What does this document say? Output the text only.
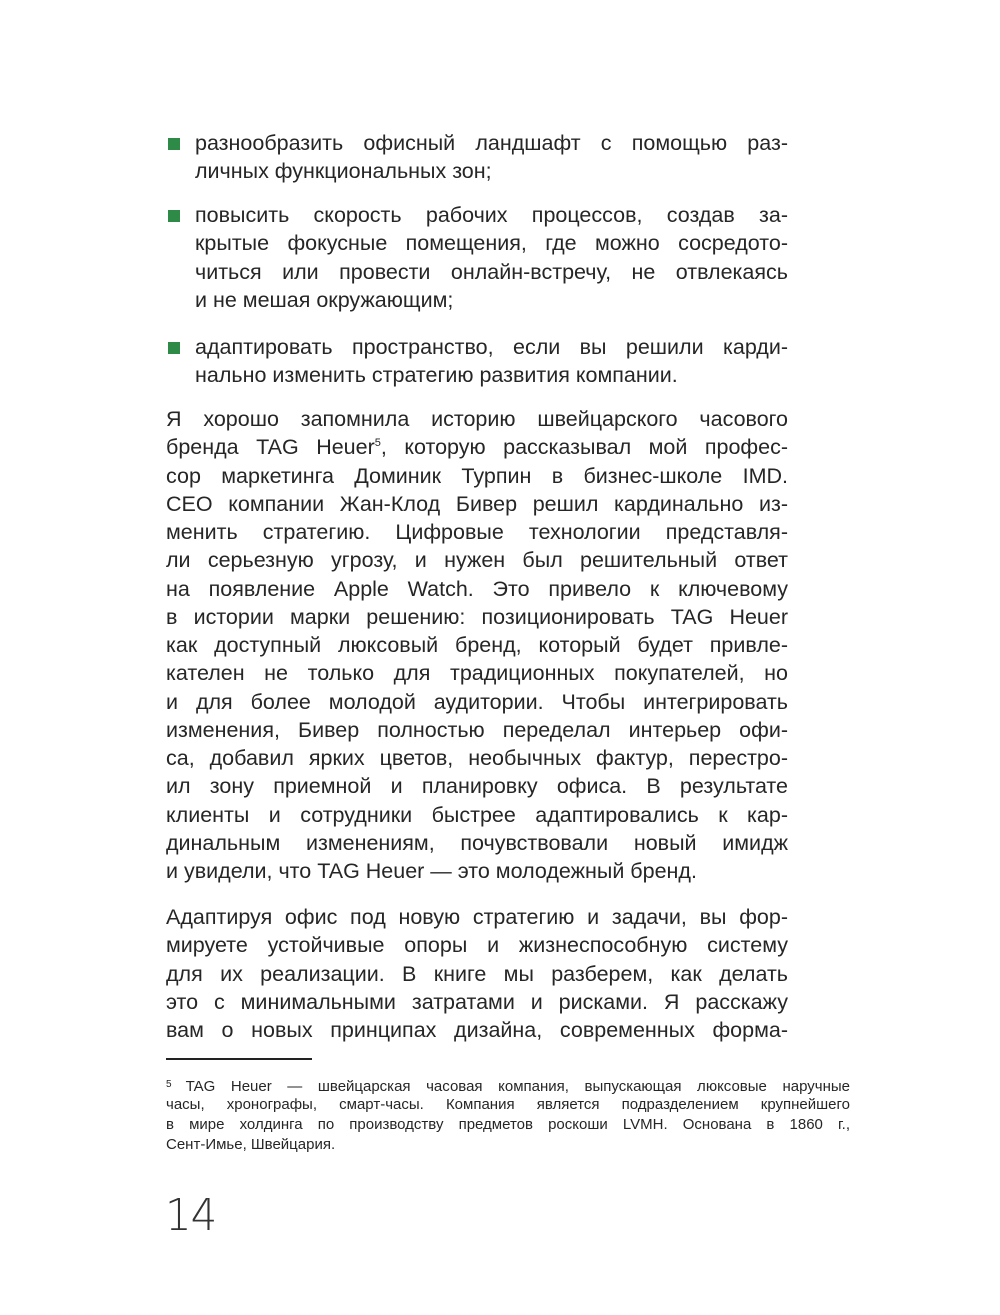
разнообразить офисный ландшафт с помощью раз-
личных функциональных зон;
повысить скорость рабочих процессов, создав за-
крытые фокусные помещения, где можно сосредото-
читься или провести онлайн-встречу, не отвлекаясь
и не мешая окружающим;
адаптировать пространство, если вы решили карди-
нально изменить стратегию развития компании.
Я хорошо запомнила историю швейцарского часового
бренда TAG Heuer$^5$, которую рассказывал мой профес-
сор маркетинга Доминик Турпин в бизнес-школе IMD.
CEO компании Жан-Клод Бивер решил кардинально из-
менить стратегию. Цифровые технологии представля-
ли серьезную угрозу, и нужен был решительный ответ
на появление Apple Watch. Это привело к ключевому
в истории марки решению: позиционировать TAG Heuer
как доступный люксовый бренд, который будет привле-
кателен не только для традиционных покупателей, но
и для более молодой аудитории. Чтобы интегрировать
изменения, Бивер полностью переделал интерьер офи-
са, добавил ярких цветов, необычных фактур, перестро-
ил зону приемной и планировку офиса. В результате
клиенты и сотрудники быстрее адаптировались к кар-
динальным изменениям, почувствовали новый имидж
и увидели, что TAG Heuer — это молодежный бренд.
Адаптируя офис под новую стратегию и задачи, вы фор-
мируете устойчивые опоры и жизнеспособную систему
для их реализации. В книге мы разберем, как делать
это с минимальными затратами и рисками. Я расскажу
вам о новых принципах дизайна, современных форма-
$^5$ TAG Heuer — швейцарская часовая компания, выпускающая люксовые наручные
часы, хронографы, смарт-часы. Компания является подразделением крупнейшего
в мире холдинга по производству предметов роскоши LVMH. Основана в 1860 г.,
Сент-Имье, Швейцария.
14
